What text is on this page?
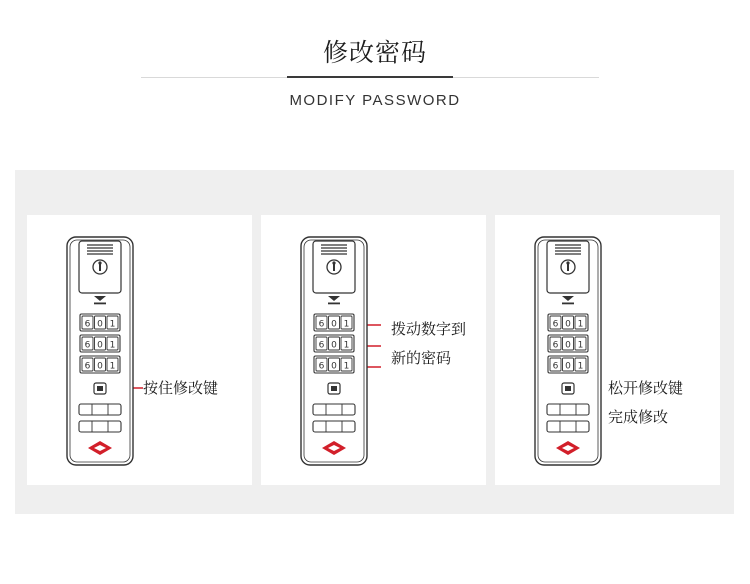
修改密码
MODIFY PASSWORD
按住修改键
6 0 1
6 0 1
6 0 1
拨动数字到
新的密码
6 0 1
6 0 1
6 0 1
松开修改键
完成修改
6 0 1
6 0 1
6 0 1
